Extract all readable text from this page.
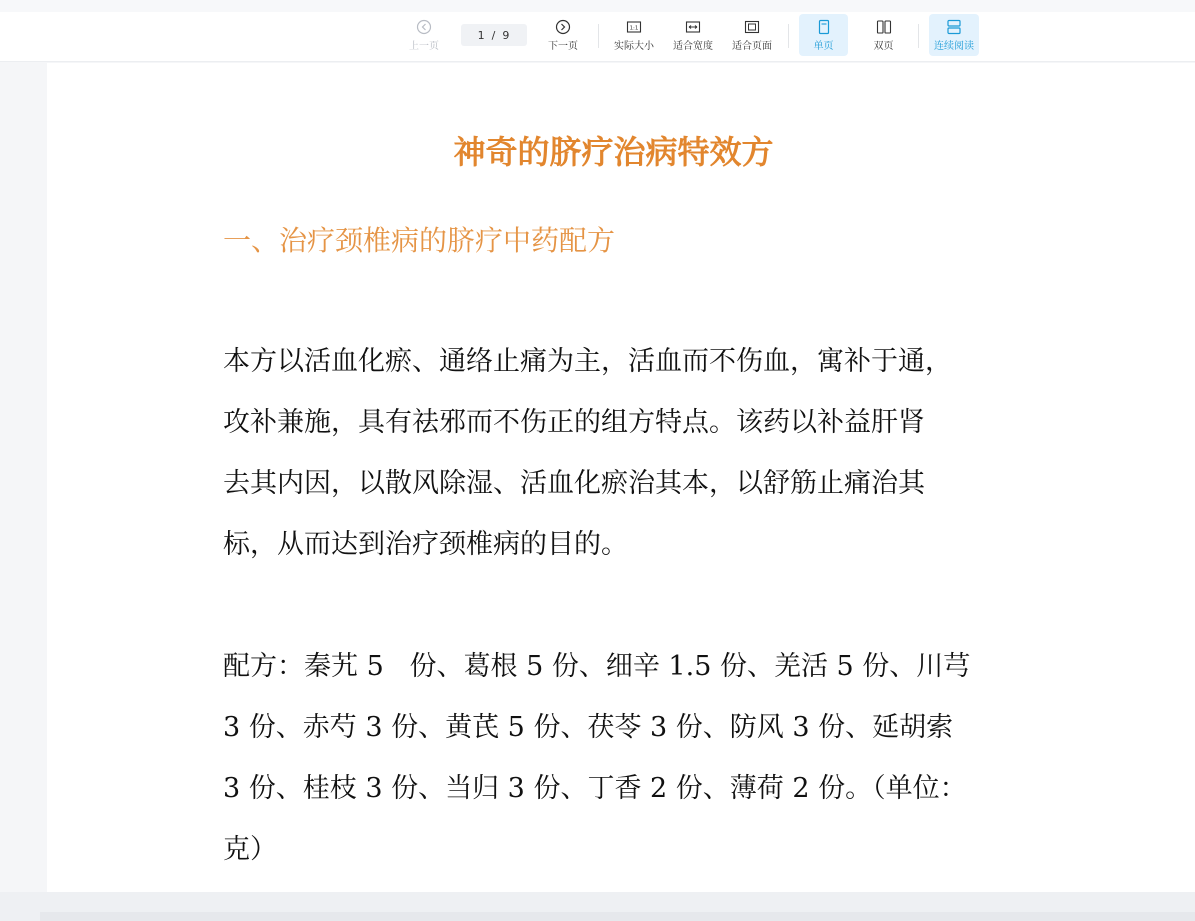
上一页
1 / 9
下一页
1:1
实际大小 适合宽度 适合页面	单页	双页	连续阅读
神奇的脐疗治病特效方
一、治疗颈椎病的脐疗中药配方
本方以活血化瘀、通络止痛为主，活血而不伤血，寓补于通，
攻补兼施，具有祛邪而不伤正的组方特点。该药以补益肝肾
去其内因，以散风除湿、活血化瘀治其本，以舒筋止痛治其
标，从而达到治疗颈椎病的目的。
配方：秦艽 5   份、葛根 5 份、细辛 1.5 份、羌活 5 份、川芎
3 份、赤芍 3 份、黄芪 5 份、茯苓 3 份、防风 3 份、延胡索
3 份、桂枝 3 份、当归 3 份、丁香 2 份、薄荷 2 份。（单位：
克）
